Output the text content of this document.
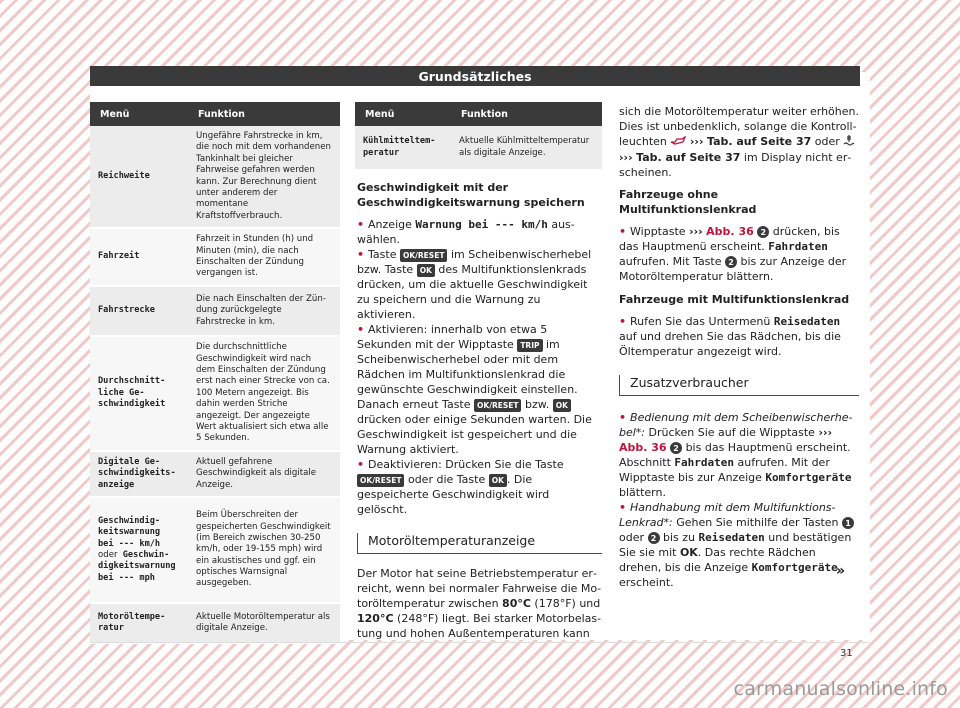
Grundsätzliches
Menü	Funktion
Reichweite	Ungefähre Fahrstrecke in km, die noch mit dem vorhandenen Tankinhalt bei gleicher Fahrweise gefahren werden kann. Zur Berechnung dient unter anderem der momentane Kraftstoffverbrauch.
Fahrzeit	Fahrzeit in Stunden (h) und Minuten (min), die nach Einschalten der Zündung vergangen ist.
Fahrstrecke	Die nach Einschalten der Zündung zurückgelegte Fahrstrecke in km.
Durchschnittliche Geschwindigkeit	Die durchschnittliche Geschwindigkeit wird nach dem Einschalten der Zündung erst nach einer Strecke von ca. 100 Metern angezeigt. Bis dahin werden Striche angezeigt. Der angezeigte Wert aktualisiert sich etwa alle 5 Sekunden.
Digitale Geschwindigkeitsanzeige	Aktuell gefahrene Geschwindigkeit als digitale Anzeige.
Geschwindigkeitswarnung bei --- km/h oder Geschwindigkeitswarnung bei --- mph	Beim Überschreiten der gespeicherten Geschwindigkeit (im Bereich zwischen 30-250 km/h, oder 19-155 mph) wird ein akustisches und ggf. ein optisches Warnsignal ausgegeben.
Motoröltemperatur	Aktuelle Motoröltemperatur als digitale Anzeige.
Menü	Funktion
Kühlmitteltemperatur	Aktuelle Kühlmitteltemperatur als digitale Anzeige.

Geschwindigkeit mit der Geschwindigkeitswarnung speichern

• Anzeige Warnung bei --- km/h auswählen.

• Taste OK/RESET im Scheibenwischerhebel bzw. Taste OK des Multifunktionslenkrads drücken, um die aktuelle Geschwindigkeit zu speichern und die Warnung zu aktivieren.

• Aktivieren: innerhalb von etwa 5 Sekunden mit der Wipptaste TRIP im Scheibenwischerhebel oder mit dem Rädchen im Multifunktionslenkrad die gewünschte Geschwindigkeit einstellen. Danach erneut Taste OK/RESET bzw. OK drücken oder einige Sekunden warten. Die Geschwindigkeit ist gespeichert und die Warnung aktiviert.

• Deaktivieren: Drücken Sie die Taste OK/RESET oder die Taste OK . Die gespeicherte Geschwindigkeit wird gelöscht.

Motoröltemperaturanzeige

Der Motor hat seine Betriebstemperatur erreicht, wenn bei normaler Fahrweise die Motoröltemperatur zwischen 80°C (178°F) und 120°C (248°F) liegt. Bei starker Motorbelastung und hohen Außentemperaturen kann

sich die Motoröltemperatur weiter erhöhen. Dies ist unbedenklich, solange die Kontrollleuchten  ››› Tab. auf Seite 37 oder  ››› Tab. auf Seite 37 im Display nicht erscheinen.

Fahrzeuge ohne Multifunktionslenkrad

• Wipptaste ››› Abb. 36 2 drücken, bis das Hauptmenü erscheint. Fahrdaten aufrufen. Mit Taste 2 bis zur Anzeige der Motoröltemperatur blättern.

Fahrzeuge mit Multifunktionslenkrad

• Rufen Sie das Untermenü Reisedaten auf und drehen Sie das Rädchen, bis die Öltemperatur angezeigt wird.

Zusatzverbraucher

• Bedienung mit dem Scheibenwischerhebel*: Drücken Sie auf die Wipptaste ››› Abb. 36 2 bis das Hauptmenü erscheint. Abschnitt Fahrdaten aufrufen. Mit der Wipptaste bis zur Anzeige Komfortgeräte blättern.

• Handhabung mit dem Multifunktions-Lenkrad*: Gehen Sie mithilfe der Tasten 1 oder 2 bis zu Reisedaten und bestätigen Sie sie mit OK. Das rechte Rädchen drehen, bis die Anzeige Komfortgeräte erscheint.

»
31
carmanualsonline.info
